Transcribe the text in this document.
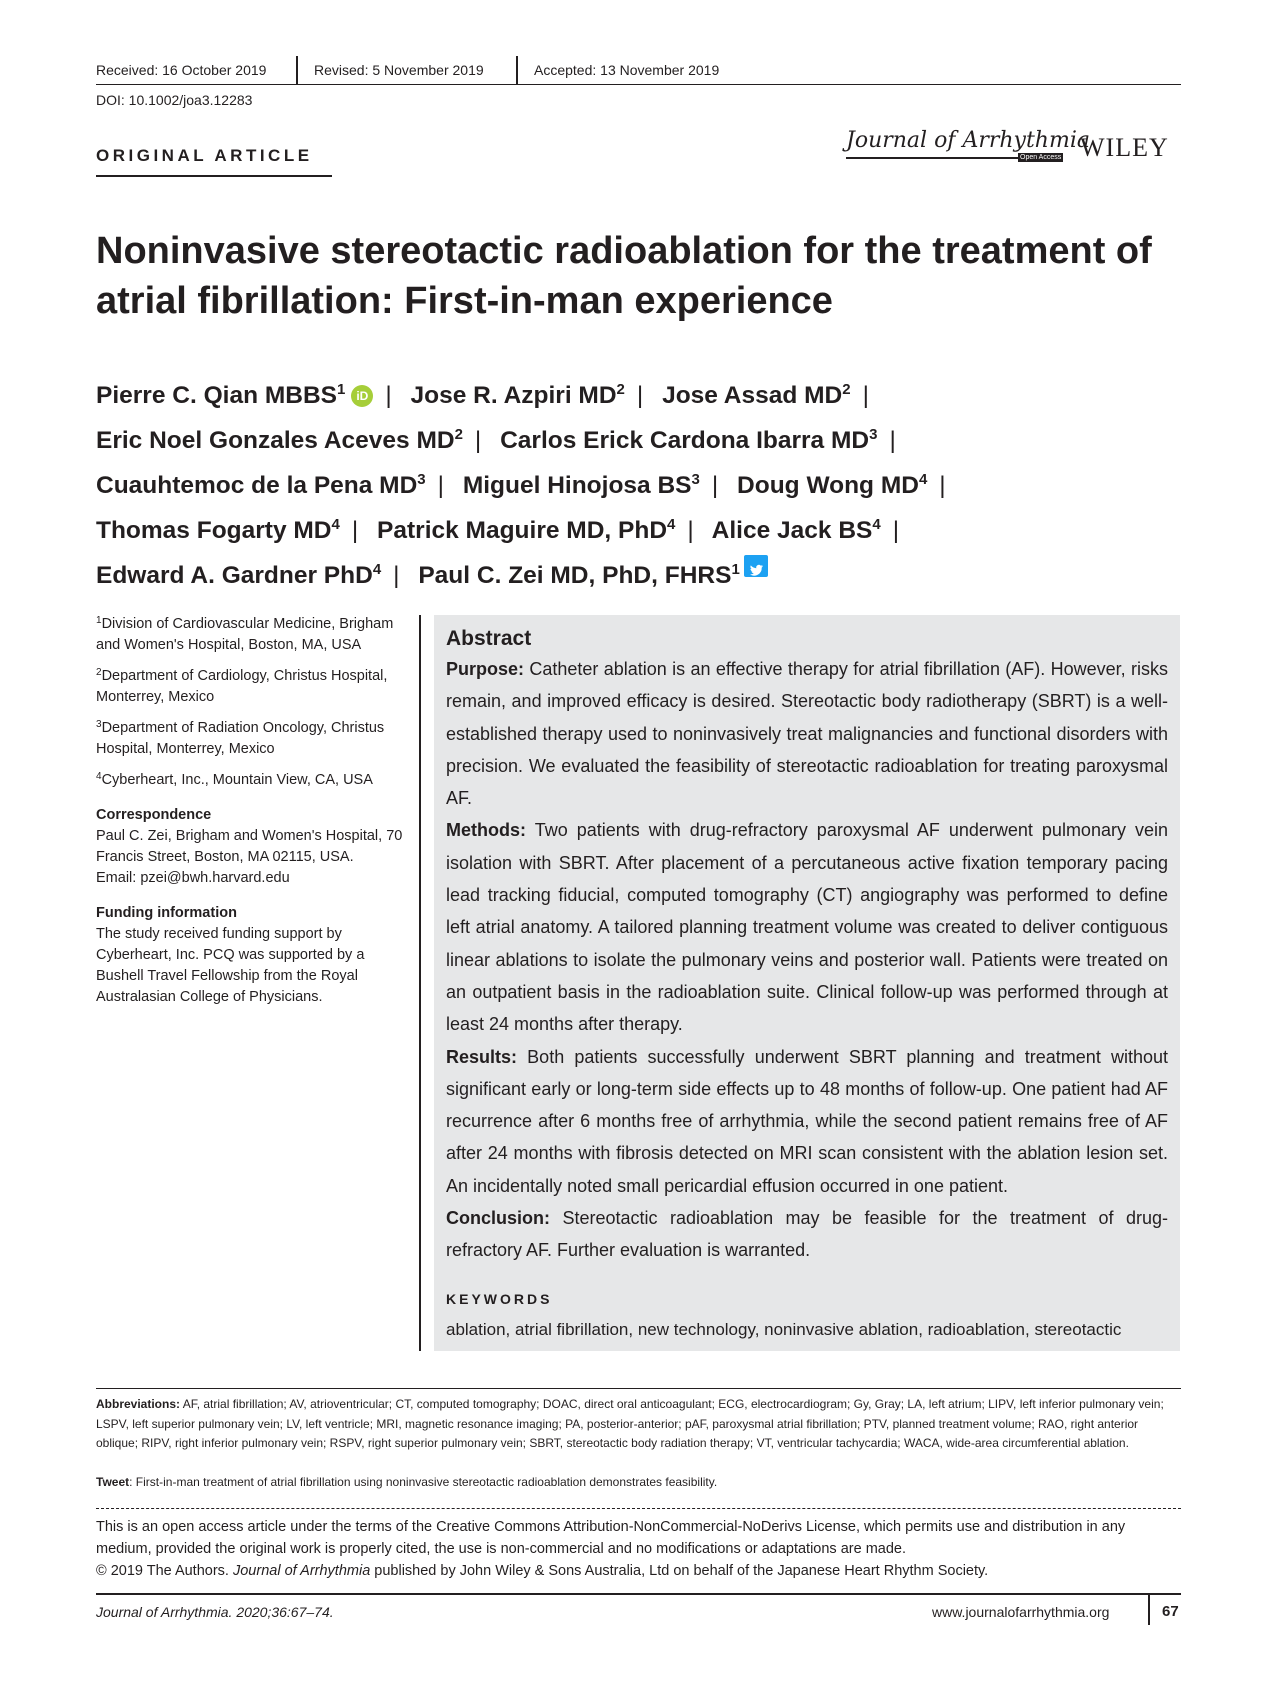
Received: 16 October 2019	Revised: 5 November 2019	Accepted: 13 November 2019
DOI: 10.1002/joa3.12283
ORIGINAL ARTICLE
Journal of Arrhythmia
Open Access WILEY
Noninvasive stereotactic radioablation for the treatment of atrial fibrillation: First-in-man experience
Pierre C. Qian MBBS$^1$ iD | Jose R. Azpiri $MD^2$ | Jose Assad $MD^2$ |
Eric Noel Gonzales Aceves $MD^2$ | Carlos Erick Cardona Ibarra $MD^3$ |
Cuauhtemoc de la Pena $MD^3$ | Miguel Hinojosa $BS^3$ | Doug Wong $MD^4$ |
Thomas Fogarty $MD^4$ | Patrick Maguire MD, PhD$^4$ | Alice Jack $BS^4$ |
Edward A. Gardner PhD$^4$ | Paul C. Zei MD, PhD, FHRS$^1$
$^1$Division of Cardiovascular Medicine, Brigham and Women's Hospital, Boston, MA, USA
$^2$Department of Cardiology, Christus Hospital, Monterrey, Mexico
$^3$Department of Radiation Oncology, Christus Hospital, Monterrey, Mexico
$^4$Cyberheart, Inc., Mountain View, CA, USA
Correspondence
Paul C. Zei, Brigham and Women's Hospital, 70 Francis Street, Boston, MA 02115, USA.
Email: pzei@bwh.harvard.edu
Funding information
The study received funding support by Cyberheart, Inc. PCQ was supported by a Bushell Travel Fellowship from the Royal Australasian College of Physicians.
Abstract

Purpose: Catheter ablation is an effective therapy for atrial fibrillation (AF). However, risks remain, and improved efficacy is desired. Stereotactic body radiotherapy (SBRT) is a well-established therapy used to noninvasively treat malignancies and functional disorders with precision. We evaluated the feasibility of stereotactic radioablation for treating paroxysmal AF.

Methods: Two patients with drug-refractory paroxysmal AF underwent pulmonary vein isolation with SBRT. After placement of a percutaneous active fixation temporary pacing lead tracking fiducial, computed tomography (CT) angiography was performed to define left atrial anatomy. A tailored planning treatment volume was created to deliver contiguous linear ablations to isolate the pulmonary veins and posterior wall. Patients were treated on an outpatient basis in the radioablation suite. Clinical follow-up was performed through at least 24 months after therapy.

Results: Both patients successfully underwent SBRT planning and treatment without significant early or long-term side effects up to 48 months of follow-up. One patient had AF recurrence after 6 months free of arrhythmia, while the second patient remains free of AF after 24 months with fibrosis detected on MRI scan consistent with the ablation lesion set. An incidentally noted small pericardial effusion occurred in one patient.

Conclusion: Stereotactic radioablation may be feasible for the treatment of drug-refractory AF. Further evaluation is warranted.

KEYWORDS
ablation, atrial fibrillation, new technology, noninvasive ablation, radioablation, stereotactic
Abbreviations: AF, atrial fibrillation; AV, atrioventricular; CT, computed tomography; DOAC, direct oral anticoagulant; ECG, electrocardiogram; Gy, Gray; LA, left atrium; LIPV, left inferior pulmonary vein; LSPV, left superior pulmonary vein; LV, left ventricle; MRI, magnetic resonance imaging; PA, posterior-anterior; pAF, paroxysmal atrial fibrillation; PTV, planned treatment volume; RAO, right anterior oblique; RIPV, right inferior pulmonary vein; RSPV, right superior pulmonary vein; SBRT, stereotactic body radiation therapy; VT, ventricular tachycardia; WACA, wide-area circumferential ablation.
Tweet: First-in-man treatment of atrial fibrillation using noninvasive stereotactic radioablation demonstrates feasibility.
This is an open access article under the terms of the Creative Commons Attribution-NonCommercial-NoDerivs License, which permits use and distribution in any medium, provided the original work is properly cited, the use is non-commercial and no modifications or adaptations are made.
© 2019 The Authors. Journal of Arrhythmia published by John Wiley & Sons Australia, Ltd on behalf of the Japanese Heart Rhythm Society.
Journal of Arrhythmia. 2020;36:67–74.	www.journalofarrhythmia.org	67
